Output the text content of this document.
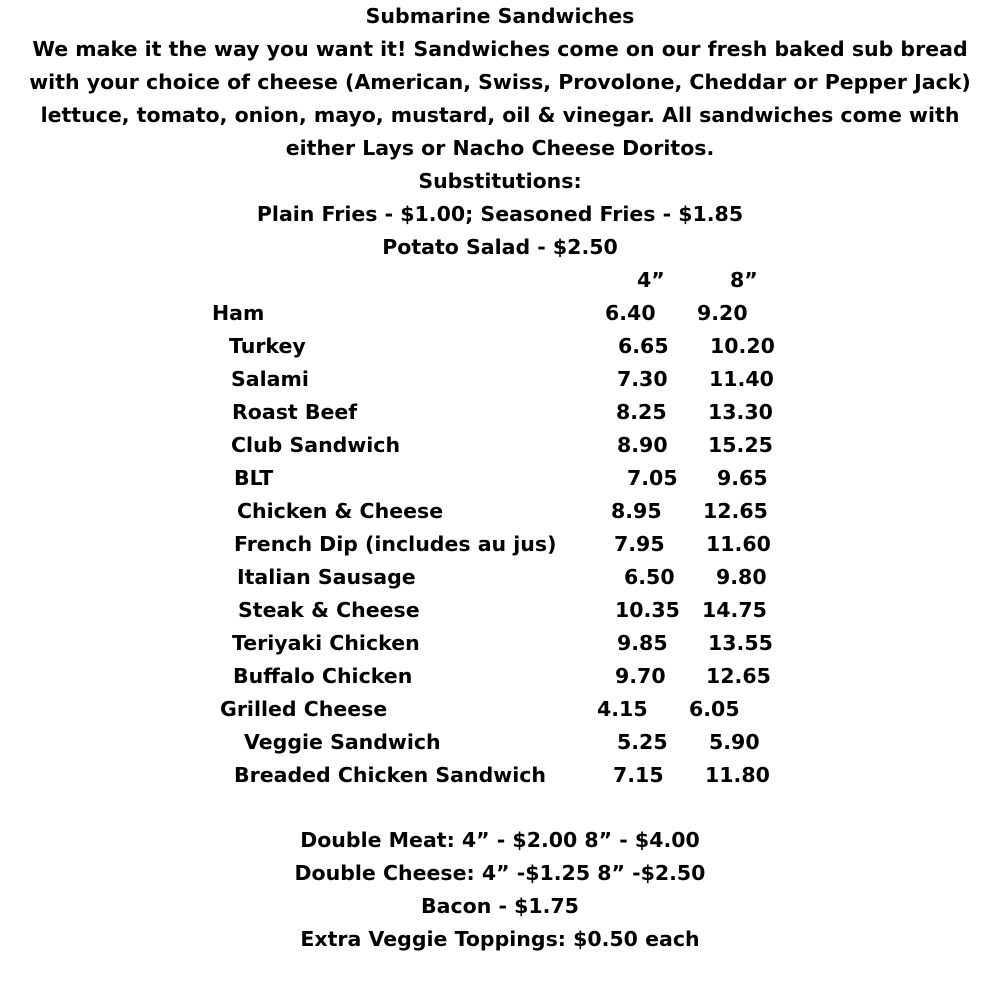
Submarine Sandwiches
We make it the way you want it! Sandwiches come on our fresh baked sub bread
with your choice of cheese (American, Swiss, Provolone, Cheddar or Pepper Jack)
lettuce, tomato, onion, mayo, mustard, oil & vinegar. All sandwiches come with
either Lays or Nacho Cheese Doritos.
Substitutions:
Plain Fries - $1.00; Seasoned Fries - $1.85
Potato Salad - $2.50
4”	8”
Ham	6.40 9.20
Turkey	6.65 10.20
Salami	7.30 11.40
Roast Beef	8.25 13.30
Club Sandwich	8.90 15.25
BLT	7.05 9.65
Chicken & Cheese	8.95 12.65
French Dip (includes au jus)	7.95 11.60
Italian Sausage	6.50 9.80
Steak & Cheese	10.35 14.75
Teriyaki Chicken	9.85 13.55
Buffalo Chicken	9.70 12.65
Grilled Cheese	4.15 6.05
Veggie Sandwich	5.25 5.90
Breaded Chicken Sandwich	7.15 11.80
Double Meat: 4” - $2.00 8” - $4.00
Double Cheese: 4” -$1.25 8” -$2.50
Bacon - $1.75
Extra Veggie Toppings: $0.50 each
